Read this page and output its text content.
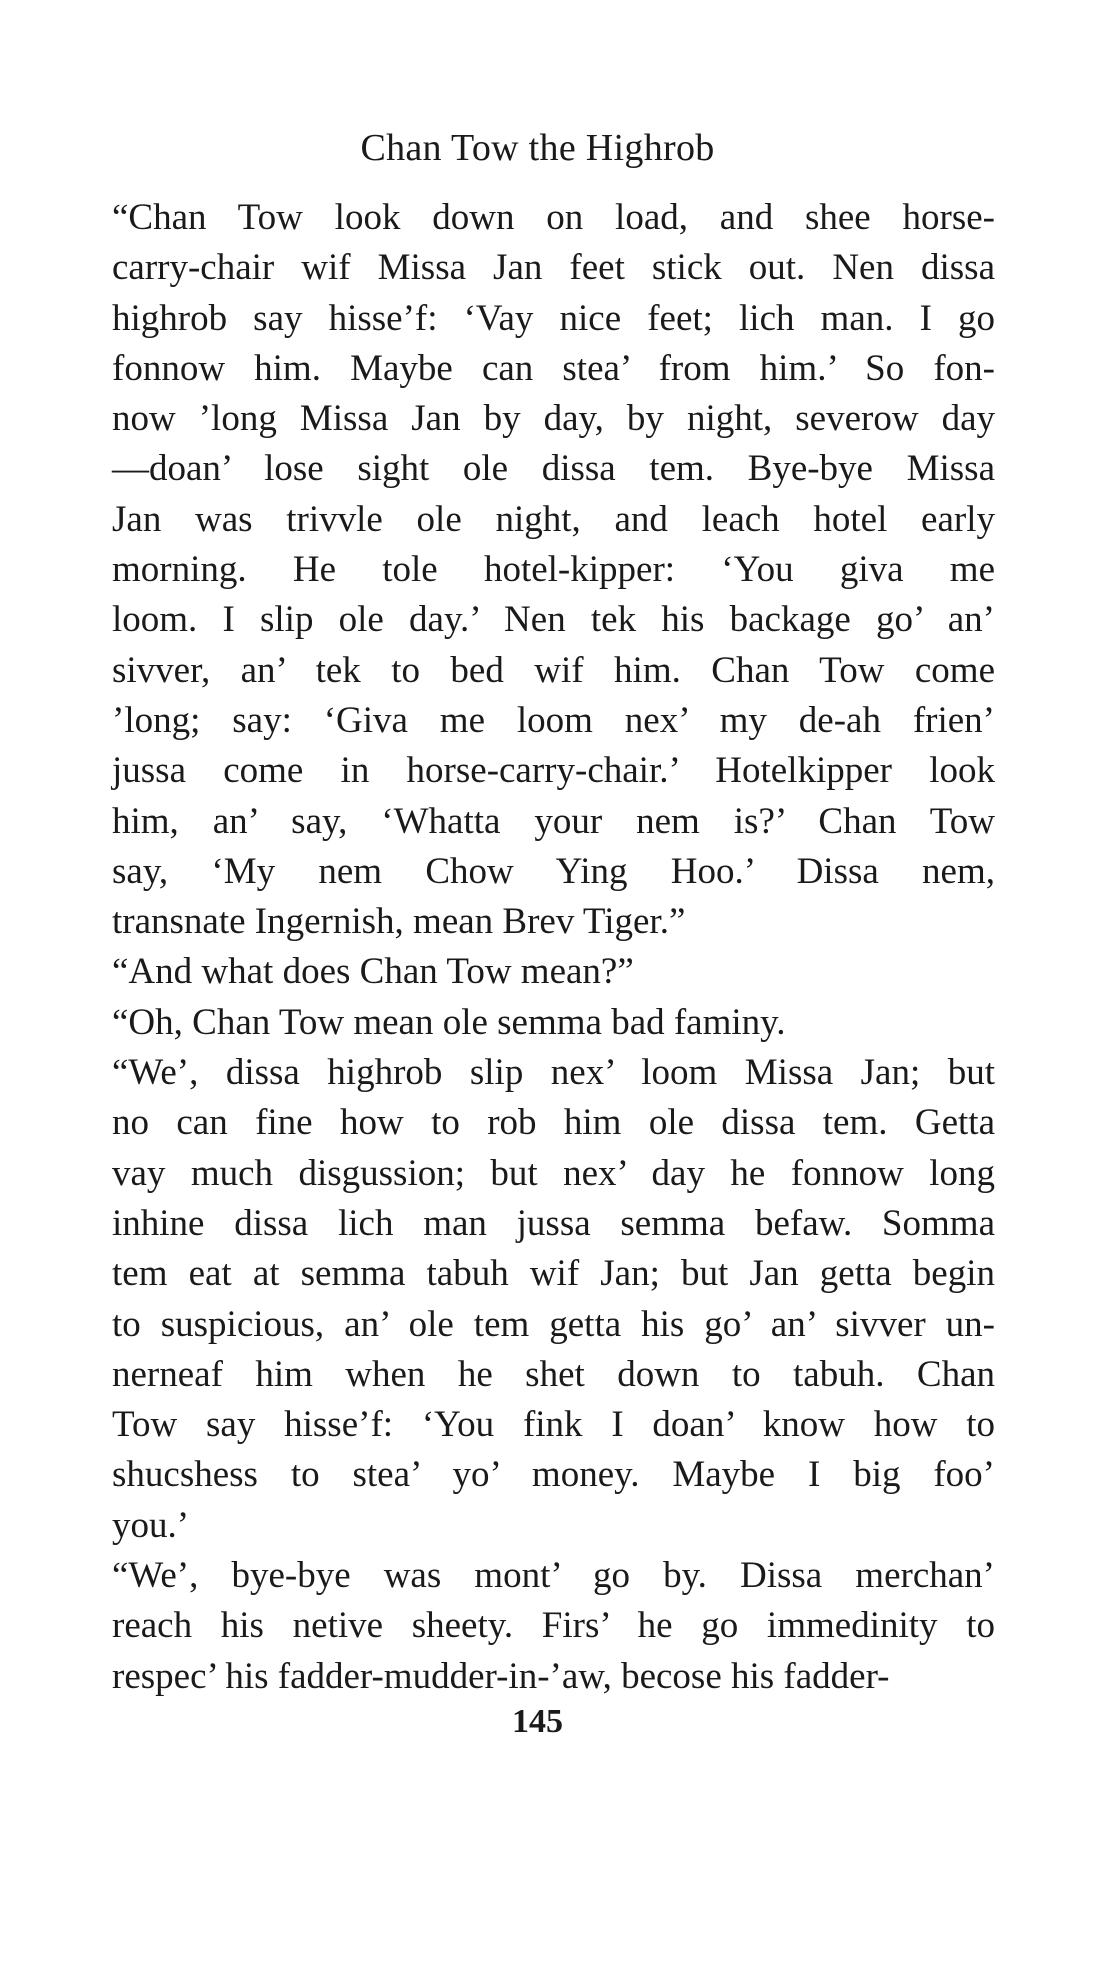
Chan Tow the Highrob
“Chan Tow look down on load, and shee horse-
carry-chair wif Missa Jan feet stick out. Nen dissa
highrob say hisse’f: ‘Vay nice feet; lich man. I go
fonnow him. Maybe can stea’ from him.’ So fon-
now ’long Missa Jan by day, by night, severow day
—doan’ lose sight ole dissa tem. Bye-bye Missa
Jan was trivvle ole night, and leach hotel early
morning. He tole hotel-kipper: ‘You giva me
loom. I slip ole day.’ Nen tek his backage go’ an’
sivver, an’ tek to bed wif him. Chan Tow come
’long; say: ‘Giva me loom nex’ my de-ah frien’
jussa come in horse-carry-chair.’ Hotelkipper look
him, an’ say, ‘Whatta your nem is?’ Chan Tow
say, ‘My nem Chow Ying Hoo.’ Dissa nem,
transnate Ingernish, mean Brev Tiger.”
“And what does Chan Tow mean?”
“Oh, Chan Tow mean ole semma bad faminy.
“We’, dissa highrob slip nex’ loom Missa Jan; but
no can fine how to rob him ole dissa tem. Getta
vay much disgussion; but nex’ day he fonnow long
inhine dissa lich man jussa semma befaw. Somma
tem eat at semma tabuh wif Jan; but Jan getta begin
to suspicious, an’ ole tem getta his go’ an’ sivver un-
nerneaf him when he shet down to tabuh. Chan
Tow say hisse’f: ‘You fink I doan’ know how to
shucshess to stea’ yo’ money. Maybe I big foo’
you.’
“We’, bye-bye was mont’ go by. Dissa merchan’
reach his netive sheety. Firs’ he go immedinity to
respec’ his fadder-mudder-in-’aw, becose his fadder-
145
